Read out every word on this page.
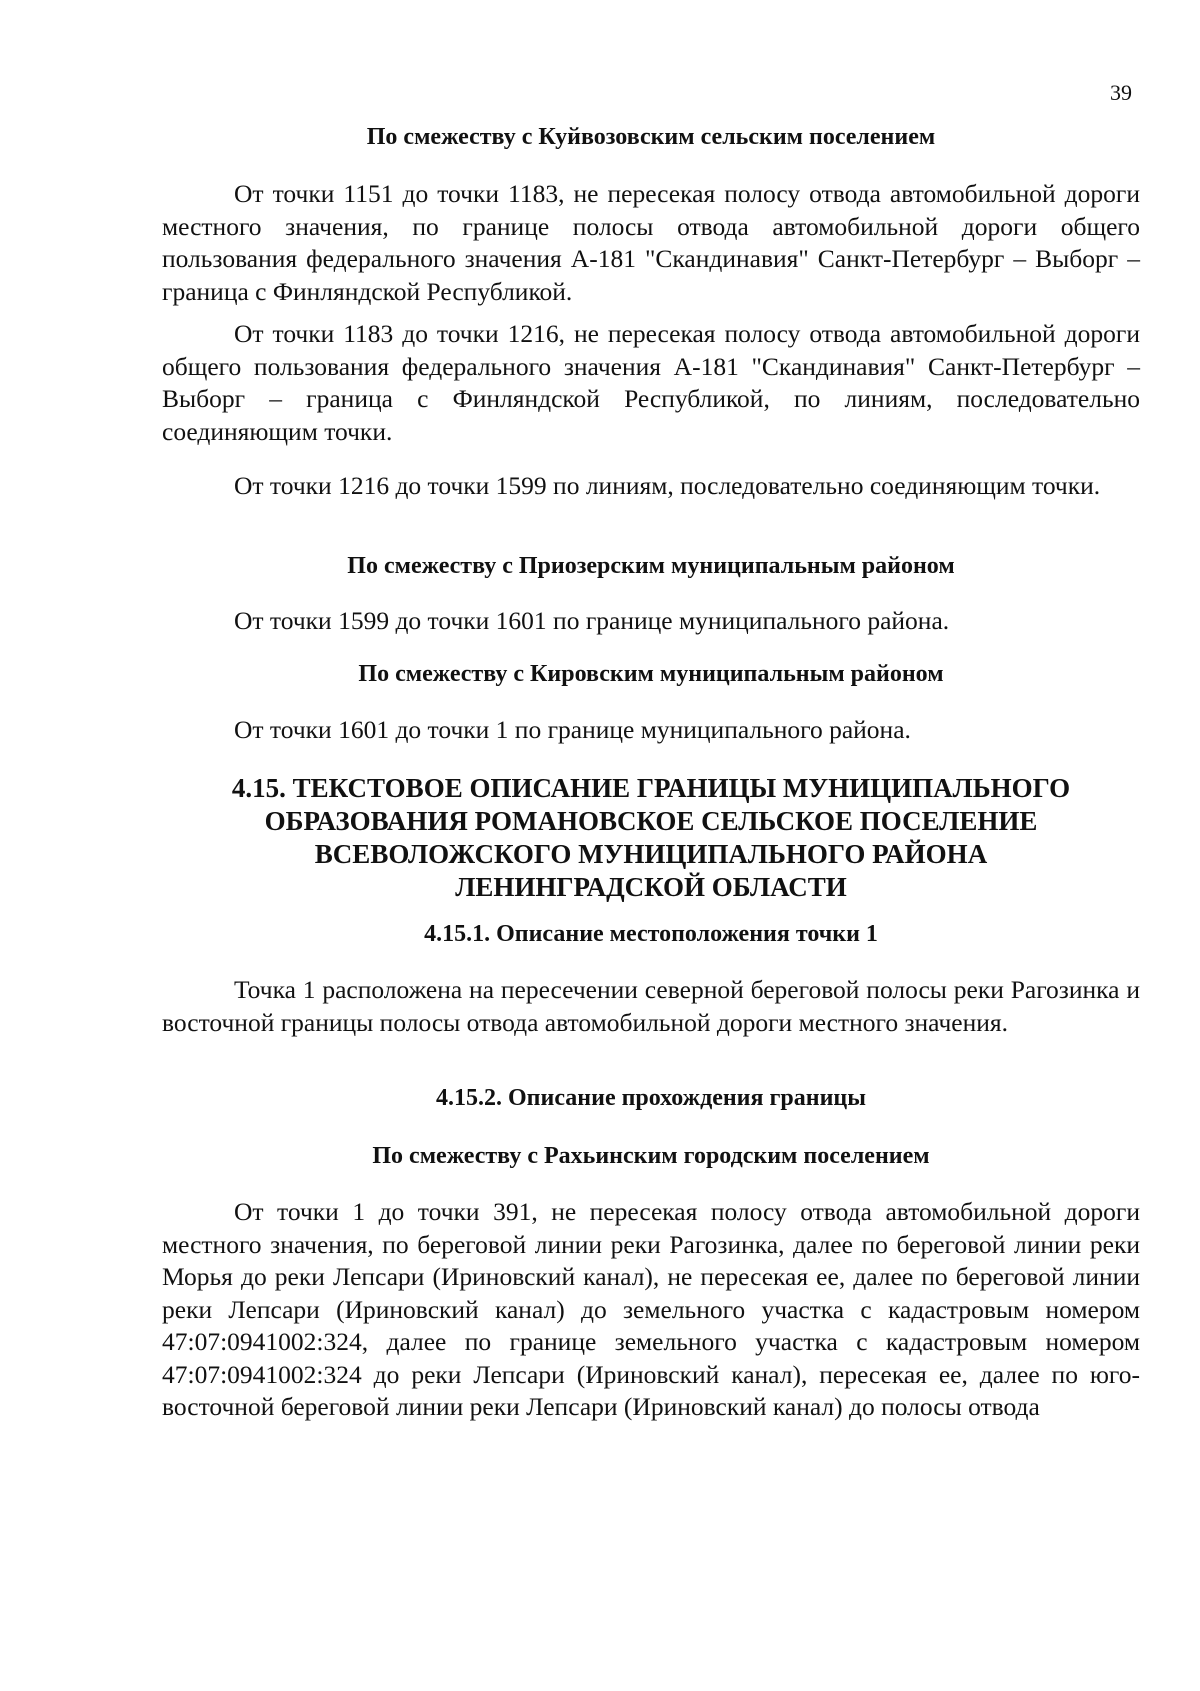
39

По смежеству с Куйвозовским сельским поселением

От точки 1151 до точки 1183, не пересекая полосу отвода автомобильной дороги местного значения, по границе полосы отвода автомобильной дороги общего пользования федерального значения А-181 "Скандинавия" Санкт-Петербург – Выборг – граница с Финляндской Республикой.

От точки 1183 до точки 1216, не пересекая полосу отвода автомобильной дороги общего пользования федерального значения А-181 "Скандинавия" Санкт-Петербург – Выборг – граница с Финляндской Республикой, по линиям, последовательно соединяющим точки.

От точки 1216 до точки 1599 по линиям, последовательно соединяющим точки.

По смежеству с Приозерским муниципальным районом

От точки 1599 до точки 1601 по границе муниципального района.

По смежеству с Кировским муниципальным районом

От точки 1601 до точки 1 по границе муниципального района.

4.15. ТЕКСТОВОЕ ОПИСАНИЕ ГРАНИЦЫ МУНИЦИПАЛЬНОГО

ОБРАЗОВАНИЯ РОМАНОВСКОЕ СЕЛЬСКОЕ ПОСЕЛЕНИЕ

ВСЕВОЛОЖСКОГО МУНИЦИПАЛЬНОГО РАЙОНА

ЛЕНИНГРАДСКОЙ ОБЛАСТИ

4.15.1. Описание местоположения точки 1

Точка 1 расположена на пересечении северной береговой полосы реки Рагозинка и восточной границы полосы отвода автомобильной дороги местного значения.

4.15.2. Описание прохождения границы

По смежеству с Рахьинским городским поселением

От точки 1 до точки 391, не пересекая полосу отвода автомобильной дороги местного значения, по береговой линии реки Рагозинка, далее по береговой линии реки Морья до реки Лепсари (Ириновский канал), не пересекая ее, далее по береговой линии реки Лепсари (Ириновский канал) до земельного участка с кадастровым номером 47:07:0941002:324, далее по границе земельного участка с кадастровым номером 47:07:0941002:324 до реки Лепсари (Ириновский канал), пересекая ее, далее по юго-восточной береговой линии реки Лепсари (Ириновский канал) до полосы отвода
